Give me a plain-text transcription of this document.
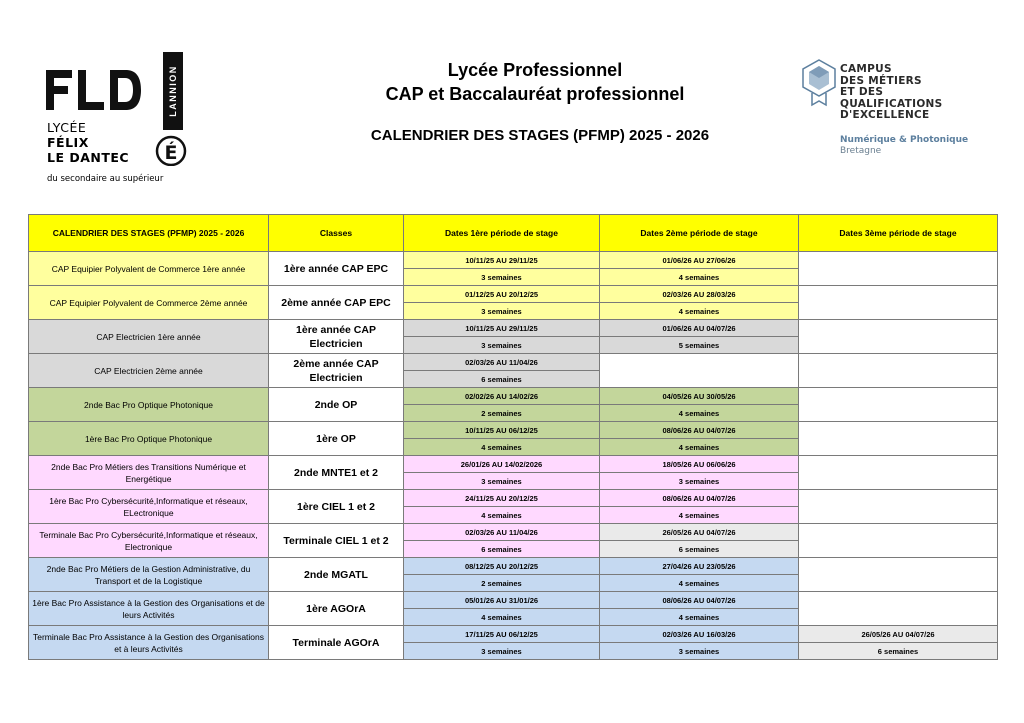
LYCÉE
FÉLIX
LE DANTEC
du secondaire au supérieur
LANNION
É
Lycée Professionnel
CAP et Baccalauréat professionnel
CALENDRIER DES STAGES (PFMP) 2025 - 2026
CAMPUS
DES MÉTIERS
ET DES
QUALIFICATIONS
D'EXCELLENCE
Numérique & Photonique
Bretagne
CALENDRIER DES STAGES (PFMP) 2025 - 2026	Classes	Dates 1ère période de stage	Dates 2ème période de stage	Dates 3ème période de stage
CAP Equipier Polyvalent de Commerce 1ère année	1ère année CAP EPC	10/11/25 AU 29/11/25	01/06/26 AU 27/06/26	
		3 semaines	4 semaines	
CAP Equipier Polyvalent de Commerce 2ème année	2ème année CAP EPC	01/12/25 AU 20/12/25	02/03/26 AU 28/03/26	
		3 semaines	4 semaines	
CAP Electricien 1ère année	1ère année CAP Electricien	10/11/25 AU 29/11/25	01/06/26 AU 04/07/26	
		3 semaines	5 semaines	
CAP Electricien 2ème année	2ème année CAP Electricien	02/03/26 AU 11/04/26		
		6 semaines		
2nde Bac Pro Optique Photonique	2nde OP	02/02/26 AU 14/02/26	04/05/26 AU 30/05/26	
		2 semaines	4 semaines	
1ère Bac Pro Optique Photonique	1ère OP	10/11/25 AU 06/12/25	08/06/26 AU 04/07/26	
		4 semaines	4 semaines	
2nde Bac Pro Métiers des Transitions Numérique et Energétique	2nde MNTE1 et 2	26/01/26 AU 14/02/2026	18/05/26 AU 06/06/26	
		3 semaines	3 semaines	
1ère Bac Pro Cybersécurité,Informatique et réseaux, ELectronique	1ère CIEL 1 et 2	24/11/25 AU 20/12/25	08/06/26 AU 04/07/26	
		4 semaines	4 semaines	
Terminale Bac Pro Cybersécurité,Informatique et réseaux, Electronique	Terminale CIEL 1 et 2	02/03/26 AU 11/04/26	26/05/26 AU 04/07/26	
		6 semaines	6 semaines	
2nde Bac Pro Métiers de la Gestion Administrative, du Transport et de la Logistique	2nde MGATL	08/12/25 AU 20/12/25	27/04/26 AU 23/05/26	
		2 semaines	4 semaines	
1ère Bac Pro Assistance à la Gestion des Organisations et de leurs Activités	1ère AGOrA	05/01/26 AU 31/01/26	08/06/26 AU 04/07/26	
		4 semaines	4 semaines	
Terminale Bac Pro Assistance à la Gestion des Organisations et à leurs Activités	Terminale AGOrA	17/11/25 AU 06/12/25	02/03/26 AU 16/03/26	26/05/26 AU 04/07/26
		3 semaines	3 semaines	6 semaines
